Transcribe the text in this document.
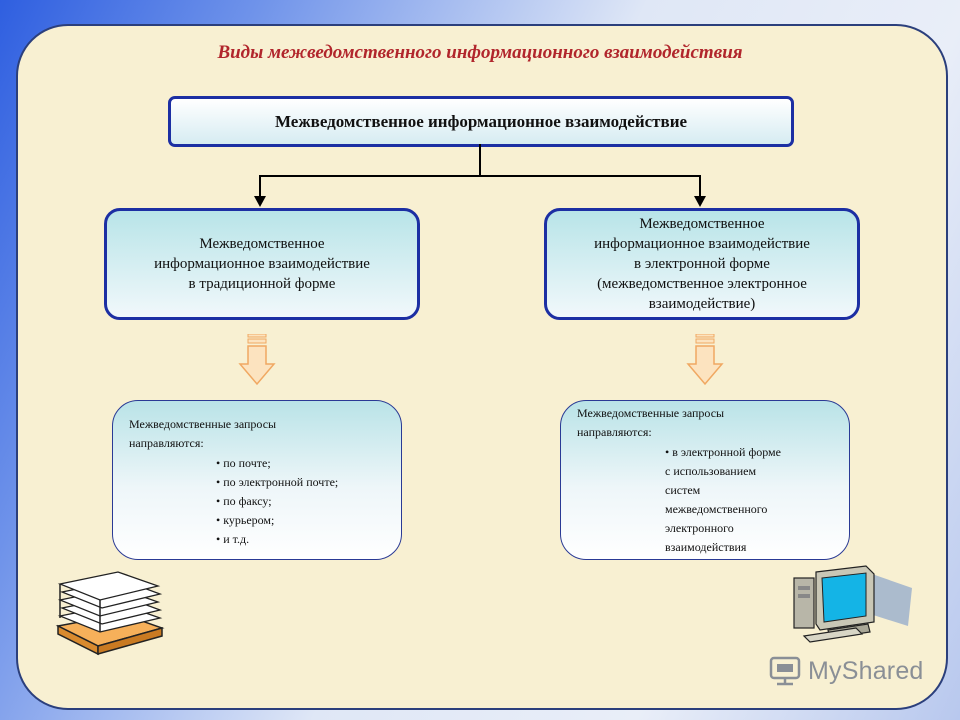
Виды межведомственного информационного взаимодействия
Межведомственное информационное взаимодействие
Межведомственное
информационное взаимодействие
в традиционной форме
Межведомственное
информационное взаимодействие
в электронной форме
(межведомственное электронное
взаимодействие)
Межведомственные запросы
направляются:
• по почте;
• по электронной почте;
• по факсу;
• курьером;
• и т.д.
Межведомственные запросы
направляются:
• в электронной форме
с использованием
систем
межведомственного
электронного
взаимодействия
MyShared
